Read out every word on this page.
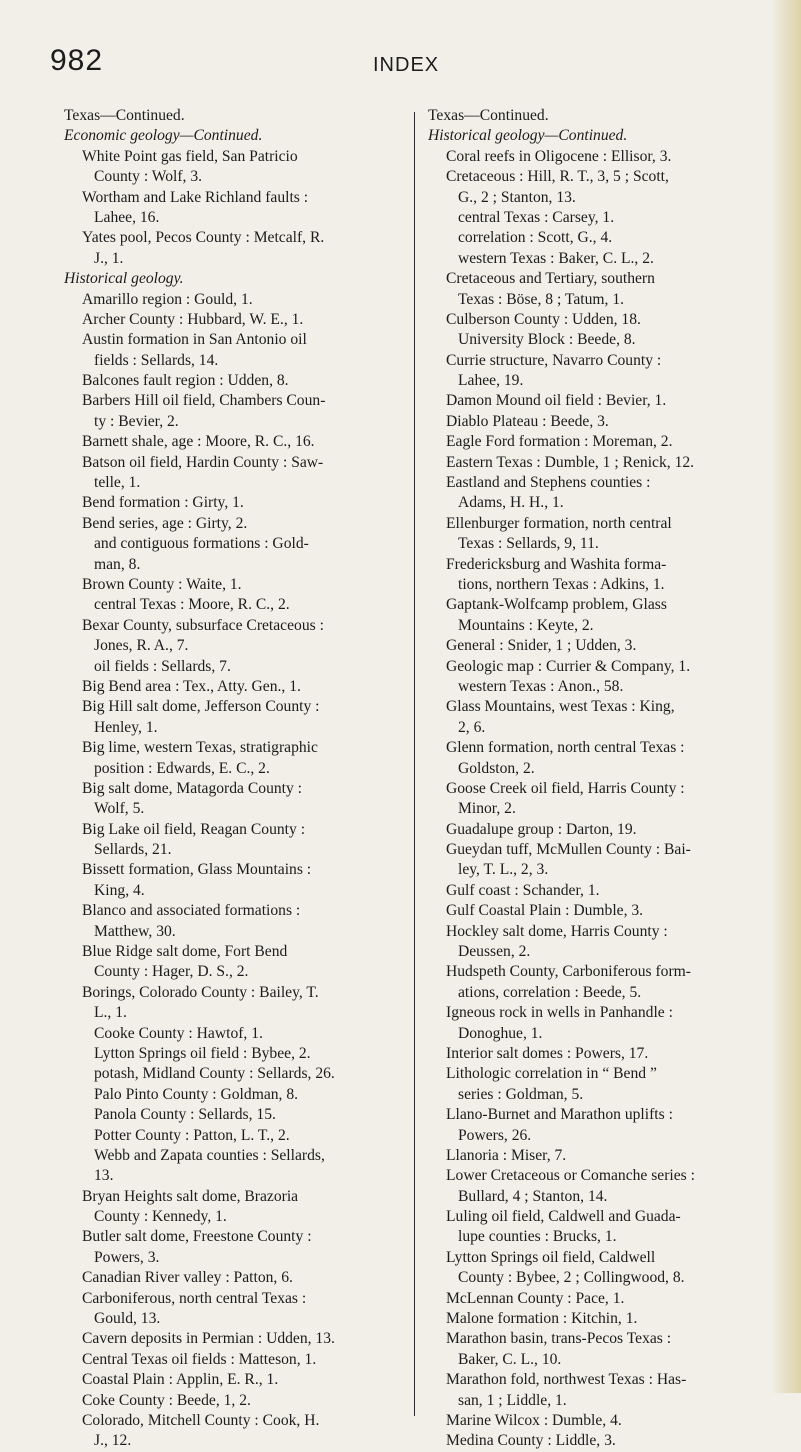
982	INDEX
Texas—Continued.
Economic geology—Continued.
White Point gas field, San Patricio
County : Wolf, 3.
Wortham and Lake Richland faults :
Lahee, 16.
Yates pool, Pecos County : Metcalf, R.
J., 1.
Historical geology.
Amarillo region : Gould, 1.
Archer County : Hubbard, W. E., 1.
Austin formation in San Antonio oil
fields : Sellards, 14.
Balcones fault region : Udden, 8.
Barbers Hill oil field, Chambers Coun-
ty : Bevier, 2.
Barnett shale, age : Moore, R. C., 16.
Batson oil field, Hardin County : Saw-
telle, 1.
Bend formation : Girty, 1.
Bend series, age : Girty, 2.
and contiguous formations : Gold-
man, 8.
Brown County : Waite, 1.
central Texas : Moore, R. C., 2.
Bexar County, subsurface Cretaceous :
Jones, R. A., 7.
oil fields : Sellards, 7.
Big Bend area : Tex., Atty. Gen., 1.
Big Hill salt dome, Jefferson County :
Henley, 1.
Big lime, western Texas, stratigraphic
position : Edwards, E. C., 2.
Big salt dome, Matagorda County :
Wolf, 5.
Big Lake oil field, Reagan County :
Sellards, 21.
Bissett formation, Glass Mountains :
King, 4.
Blanco and associated formations :
Matthew, 30.
Blue Ridge salt dome, Fort Bend
County : Hager, D. S., 2.
Borings, Colorado County : Bailey, T.
L., 1.
Cooke County : Hawtof, 1.
Lytton Springs oil field : Bybee, 2.
potash, Midland County : Sellards, 26.
Palo Pinto County : Goldman, 8.
Panola County : Sellards, 15.
Potter County : Patton, L. T., 2.
Webb and Zapata counties : Sellards,
13.
Bryan Heights salt dome, Brazoria
County : Kennedy, 1.
Butler salt dome, Freestone County :
Powers, 3.
Canadian River valley : Patton, 6.
Carboniferous, north central Texas :
Gould, 13.
Cavern deposits in Permian : Udden, 13.
Central Texas oil fields : Matteson, 1.
Coastal Plain : Applin, E. R., 1.
Coke County : Beede, 1, 2.
Colorado, Mitchell County : Cook, H.
J., 12.
Texas—Continued.
Historical geology—Continued.
Coral reefs in Oligocene : Ellisor, 3.
Cretaceous : Hill, R. T., 3, 5 ; Scott,
G., 2 ; Stanton, 13.
central Texas : Carsey, 1.
correlation : Scott, G., 4.
western Texas : Baker, C. L., 2.
Cretaceous and Tertiary, southern
Texas : Böse, 8 ; Tatum, 1.
Culberson County : Udden, 18.
University Block : Beede, 8.
Currie structure, Navarro County :
Lahee, 19.
Damon Mound oil field : Bevier, 1.
Diablo Plateau : Beede, 3.
Eagle Ford formation : Moreman, 2.
Eastern Texas : Dumble, 1 ; Renick, 12.
Eastland and Stephens counties :
Adams, H. H., 1.
Ellenburger formation, north central
Texas : Sellards, 9, 11.
Fredericksburg and Washita forma-
tions, northern Texas : Adkins, 1.
Gaptank-Wolfcamp problem, Glass
Mountains : Keyte, 2.
General : Snider, 1 ; Udden, 3.
Geologic map : Currier & Company, 1.
western Texas : Anon., 58.
Glass Mountains, west Texas : King,
2, 6.
Glenn formation, north central Texas :
Goldston, 2.
Goose Creek oil field, Harris County :
Minor, 2.
Guadalupe group : Darton, 19.
Gueydan tuff, McMullen County : Bai-
ley, T. L., 2, 3.
Gulf coast : Schander, 1.
Gulf Coastal Plain : Dumble, 3.
Hockley salt dome, Harris County :
Deussen, 2.
Hudspeth County, Carboniferous form-
ations, correlation : Beede, 5.
Igneous rock in wells in Panhandle :
Donoghue, 1.
Interior salt domes : Powers, 17.
Lithologic correlation in “ Bend ”
series : Goldman, 5.
Llano-Burnet and Marathon uplifts :
Powers, 26.
Llanoria : Miser, 7.
Lower Cretaceous or Comanche series :
Bullard, 4 ; Stanton, 14.
Luling oil field, Caldwell and Guada-
lupe counties : Brucks, 1.
Lytton Springs oil field, Caldwell
County : Bybee, 2 ; Collingwood, 8.
McLennan County : Pace, 1.
Malone formation : Kitchin, 1.
Marathon basin, trans-Pecos Texas :
Baker, C. L., 10.
Marathon fold, northwest Texas : Has-
san, 1 ; Liddle, 1.
Marine Wilcox : Dumble, 4.
Medina County : Liddle, 3.
